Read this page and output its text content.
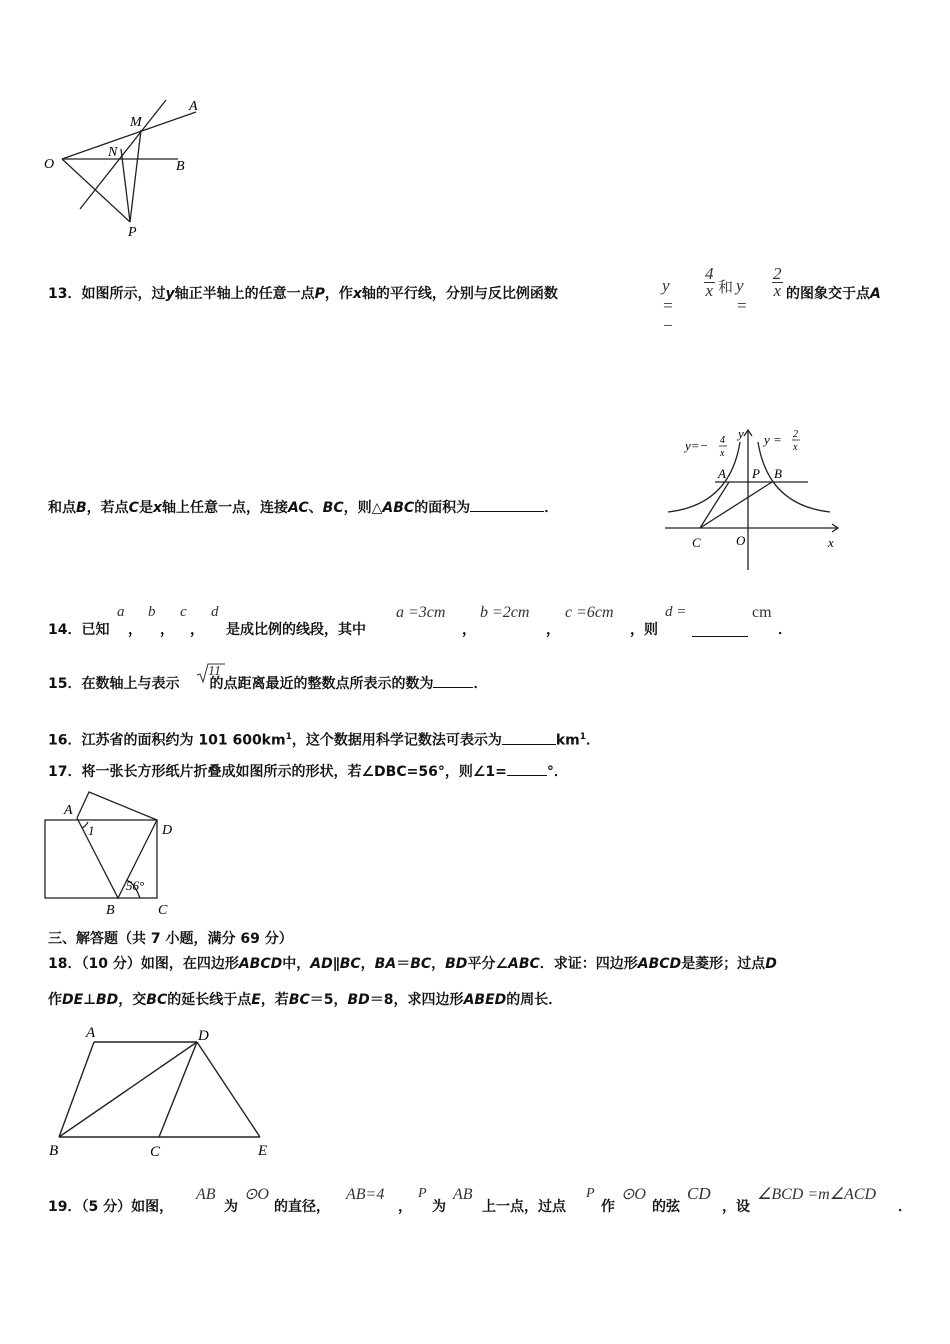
A
M
N
O	B
P
13．如图所示，过y轴正半轴上的任意一点P，作x轴的平行线，分别与反比例函数	y = −
$\frac{4}{x}$ 和 y =
$\frac{2}{x}$ 的图象交于点A
y=− 4
x
y y = 2
x
A P B
C	O	x
和点B，若点C是x轴上任意一点，连接AC、BC，则△ABC的面积为	．
14．已知
a
，
b
，
c
，
d
是成比例的线段，其中
a =3cm
，
b =2cm
，
c =6cm
，则
d =	cm
．
15．在数轴上与表示 的点距离最近的整数点所表示的数为	．
11
16．江苏省的面积约为 101 $600km^1$，这个数据用科学记数法可表示为	$km^1$．
17．将一张长方形纸片折叠成如图所示的形状，若∠DBC=56°，则∠1=	°．
A
1	D
56°
B	C
三、解答题（共 7 小题，满分 69 分）
18．（10 分）如图，在四边形ABCD中，AD∥BC，BA＝BC，BD平分∠ABC．求证：四边形ABCD是菱形；过点D
作DE⊥BD，交BC的延长线于点E，若BC＝5，BD＝8，求四边形ABED的周长．
A	D
B	C	E
19．（5 分）如图，
AB
为
⊙O
的直径，
AB=4
，
P
为
AB
上一点，过点
P
作
⊙O
的弦
CD
，设
∠BCD =m∠ACD
．
